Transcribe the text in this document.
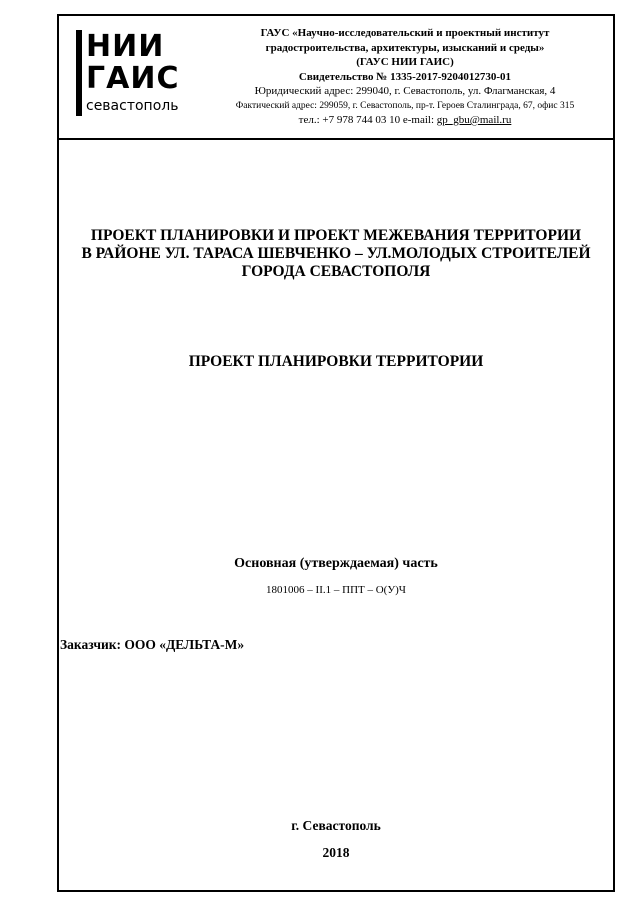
НИИ
ГАИС
севастополь
ГАУС «Научно-исследовательский и проектный институт
градостроительства, архитектуры, изысканий и среды»
(ГАУС НИИ ГАИС)
Свидетельство № 1335-2017-9204012730-01
Юридический адрес: 299040, г. Севастополь, ул. Флагманская, 4
Фактический адрес: 299059, г. Севастополь, пр-т. Героев Сталинграда, 67, офис 315
тел.: +7 978 744 03 10 e-mail: gp_gbu@mail.ru
ПРОЕКТ ПЛАНИРОВКИ И ПРОЕКТ МЕЖЕВАНИЯ ТЕРРИТОРИИ
В РАЙОНЕ УЛ. ТАРАСА ШЕВЧЕНКО – УЛ.МОЛОДЫХ СТРОИТЕЛЕЙ
ГОРОДА СЕВАСТОПОЛЯ
ПРОЕКТ ПЛАНИРОВКИ ТЕРРИТОРИИ
Основная (утверждаемая) часть
1801006 – II.1 – ППТ – О(У)Ч
Заказчик: ООО «ДЕЛЬТА-М»
г. Севастополь
2018
